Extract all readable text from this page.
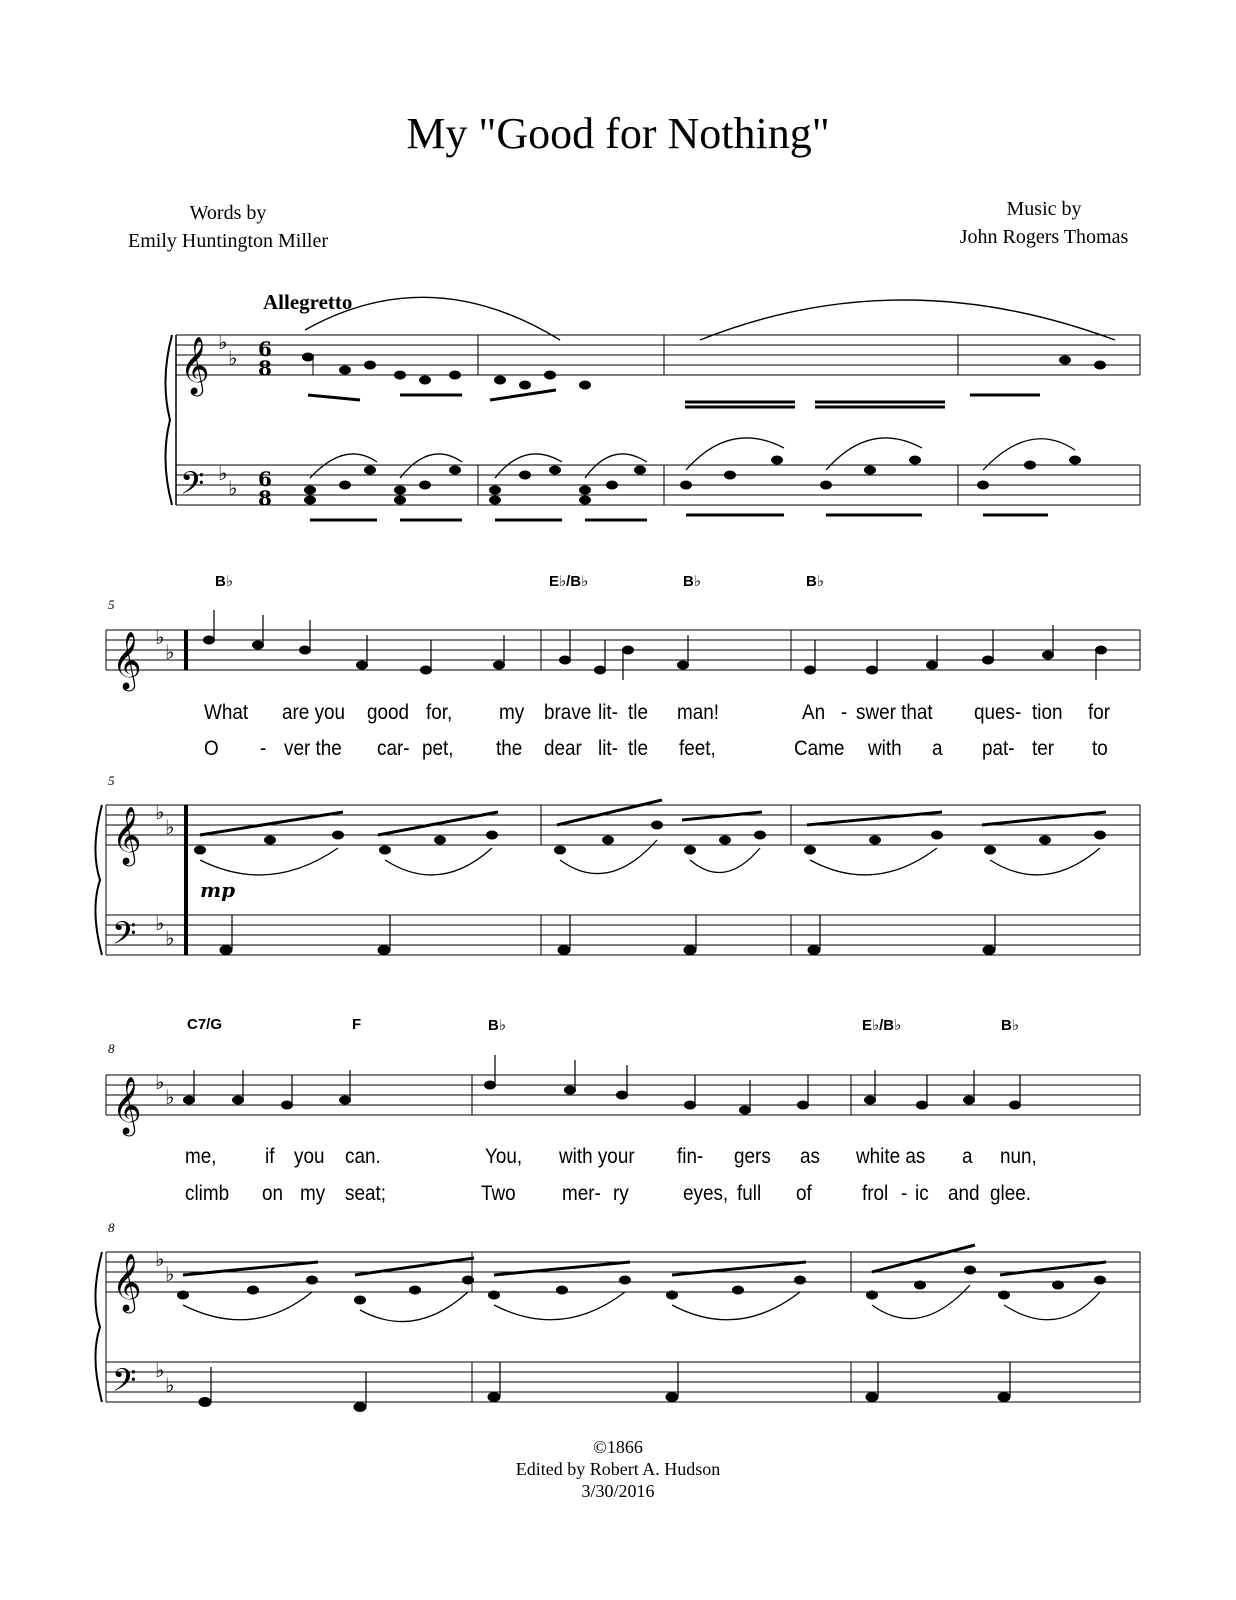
My "Good for Nothing"
Words by
Emily Huntington Miller
Music by
John Rogers Thomas
Allegretto
𝄞
𝄢
𝄞
𝄞
𝄢
𝄞
𝄞
𝄢
♭
♭
♭
♭
♭
♭
♭
♭
♭
♭
♭
♭
♭
♭
♭
♭
6
8
6
8
mp
5
5
B♭	E♭/B♭	B♭	B♭
What are you good for, my brave lit- tle man!	An - swer that ques- tion for
O - ver the car- pet, the dear lit- tle feet,	Came with a pat- ter to
8
8
C7/G	F	B♭	E♭/B♭	B♭
me, if you can.	You, with your fin- gers as white as a nun,
climb on my seat;	Two mer- ry	eyes, full of frol - ic and glee.
©1866
Edited by Robert A. Hudson
3/30/2016
